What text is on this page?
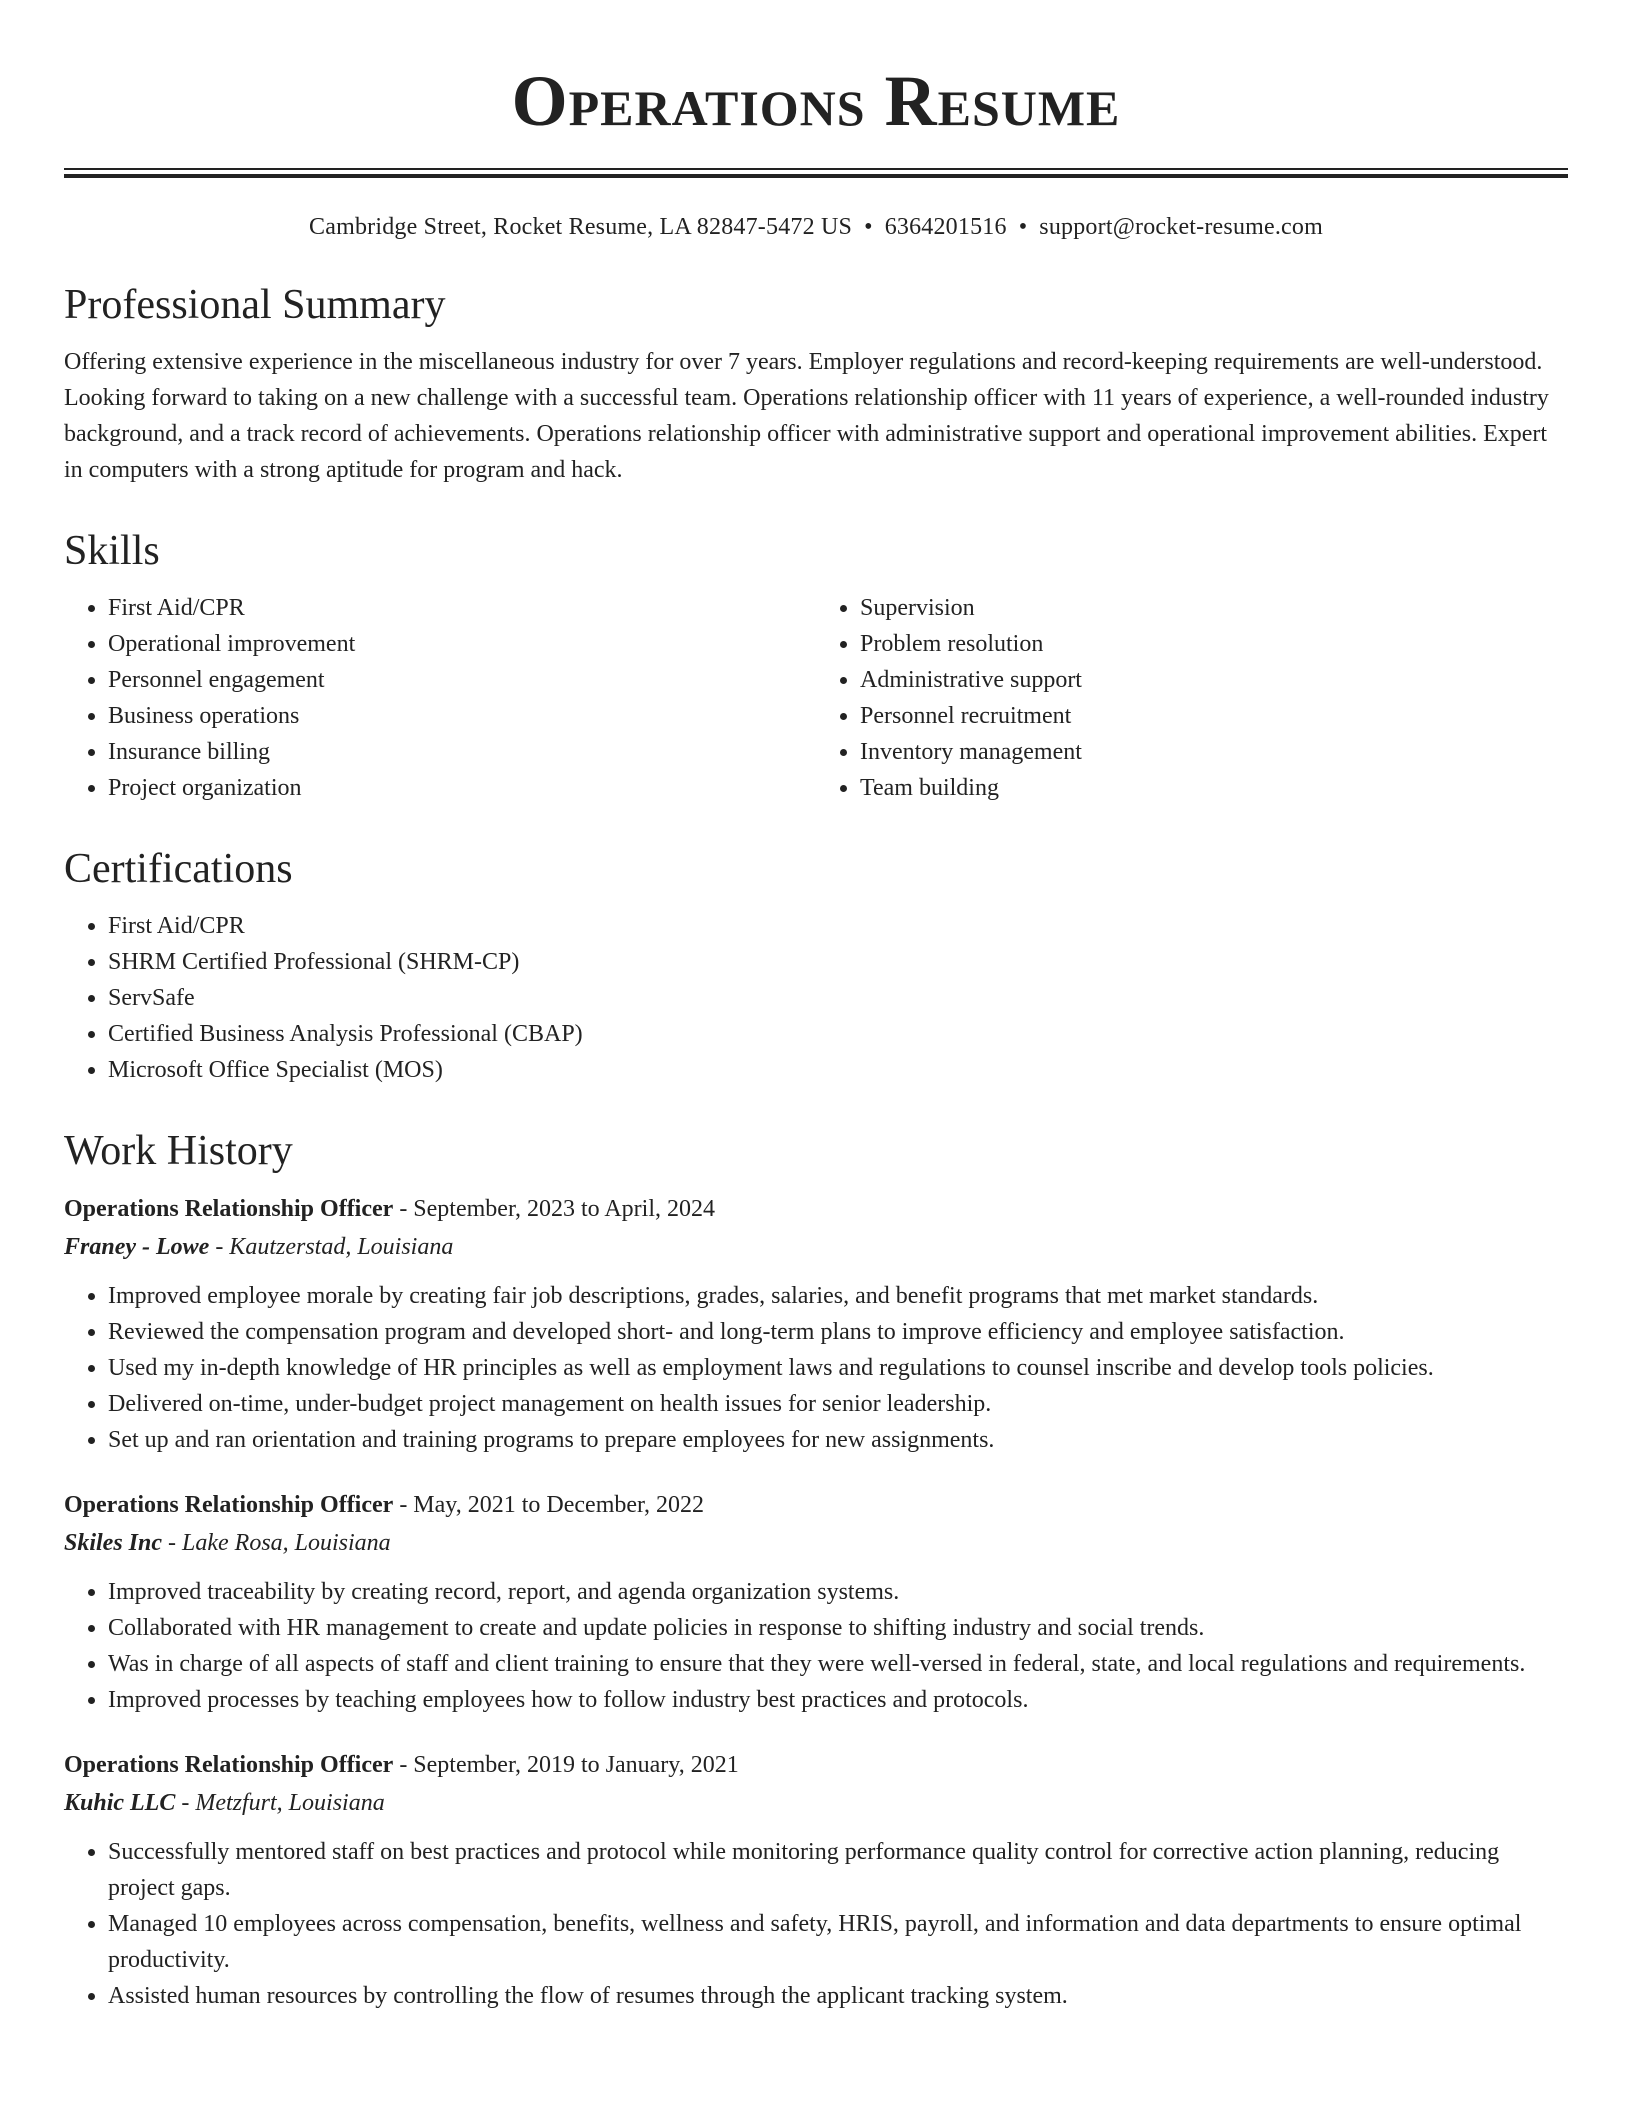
Operations Resume
Cambridge Street, Rocket Resume, LA 82847-5472 US • 6364201516 • support@rocket-resume.com
Professional Summary

Offering extensive experience in the miscellaneous industry for over 7 years. Employer regulations and record-keeping requirements are well-understood. Looking forward to taking on a new challenge with a successful team. Operations relationship officer with 11 years of experience, a well-rounded industry background, and a track record of achievements. Operations relationship officer with administrative support and operational improvement abilities. Expert in computers with a strong aptitude for program and hack.

Skills
• First Aid/CPR
• Operational improvement
• Personnel engagement
• Business operations
• Insurance billing
• Project organization
• Supervision
• Problem resolution
• Administrative support
• Personnel recruitment
• Inventory management
• Team building
Certifications
• First Aid/CPR
• SHRM Certified Professional (SHRM-CP)
• ServSafe
• Certified Business Analysis Professional (CBAP)
• Microsoft Office Specialist (MOS)
Work History
Operations Relationship Officer - September, 2023 to April, 2024
Franey - Lowe - Kautzerstad, Louisiana
• Improved employee morale by creating fair job descriptions, grades, salaries, and benefit programs that met market standards.
• Reviewed the compensation program and developed short- and long-term plans to improve efficiency and employee satisfaction.
• Used my in-depth knowledge of HR principles as well as employment laws and regulations to counsel inscribe and develop tools policies.
• Delivered on-time, under-budget project management on health issues for senior leadership.
• Set up and ran orientation and training programs to prepare employees for new assignments.
Operations Relationship Officer - May, 2021 to December, 2022
Skiles Inc - Lake Rosa, Louisiana
• Improved traceability by creating record, report, and agenda organization systems.
• Collaborated with HR management to create and update policies in response to shifting industry and social trends.
• Was in charge of all aspects of staff and client training to ensure that they were well-versed in federal, state, and local regulations and requirements.
• Improved processes by teaching employees how to follow industry best practices and protocols.
Operations Relationship Officer - September, 2019 to January, 2021
Kuhic LLC - Metzfurt, Louisiana
• Successfully mentored staff on best practices and protocol while monitoring performance quality control for corrective action planning, reducing project gaps.
• Managed 10 employees across compensation, benefits, wellness and safety, HRIS, payroll, and information and data departments to ensure optimal productivity.
• Assisted human resources by controlling the flow of resumes through the applicant tracking system.
